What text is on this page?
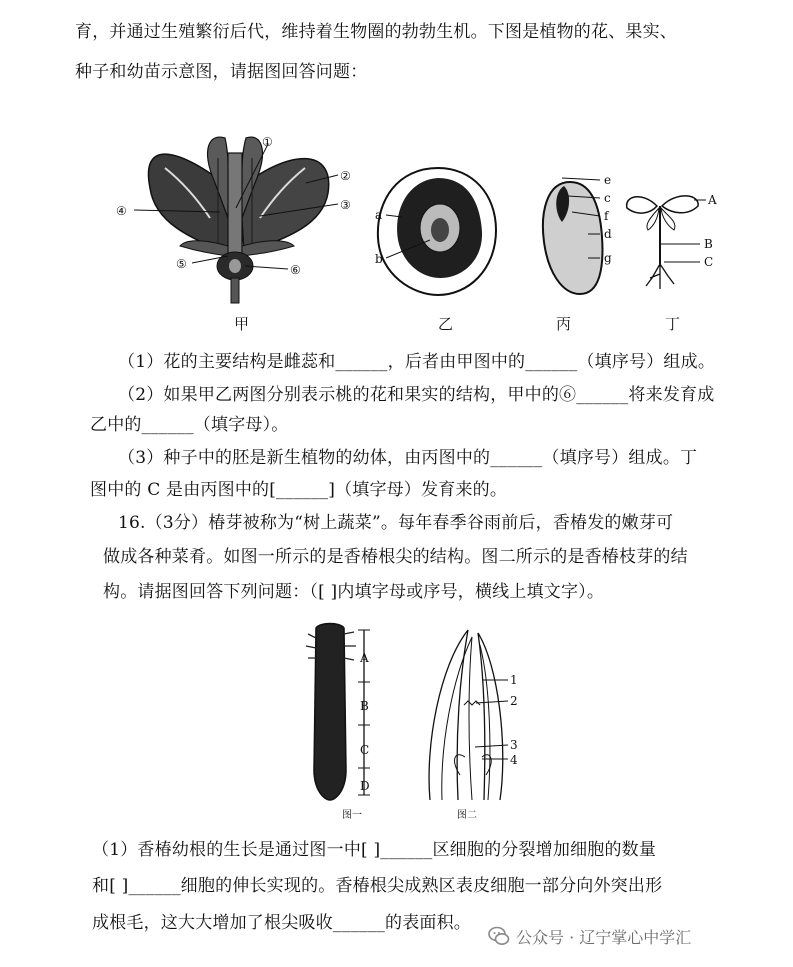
育，并通过生殖繁衍后代，维持着生物圈的勃勃生机。下图是植物的花、果实、
种子和幼苗示意图，请据图回答问题：
①
②
③
④
⑤	⑥
a
b
e
c
f
d
g
A
B
C
甲	乙	丙	丁
（1）花的主要结构是雌蕊和______，后者由甲图中的______（填序号）组成。
（2）如果甲乙两图分别表示桃的花和果实的结构，甲中的⑥______将来发育成
乙中的______（填字母）。
（3）种子中的胚是新生植物的幼体，由丙图中的______（填序号）组成。丁
图中的 C 是由丙图中的[______]（填字母）发育来的。
16.（3分）椿芽被称为“树上蔬菜”。每年春季谷雨前后，香椿发的嫩芽可
做成各种菜肴。如图一所示的是香椿根尖的结构。图二所示的是香椿枝芽的结
构。请据图回答下列问题：（[ ]内填字母或序号，横线上填文字）。
A
B
C
D
1
2
3
4
图一	图二
（1）香椿幼根的生长是通过图一中[ ]______区细胞的分裂增加细胞的数量
和[ ]______细胞的伸长实现的。香椿根尖成熟区表皮细胞一部分向外突出形
成根毛，这大大增加了根尖吸收______的表面积。
公众号 · 辽宁掌心中学汇
